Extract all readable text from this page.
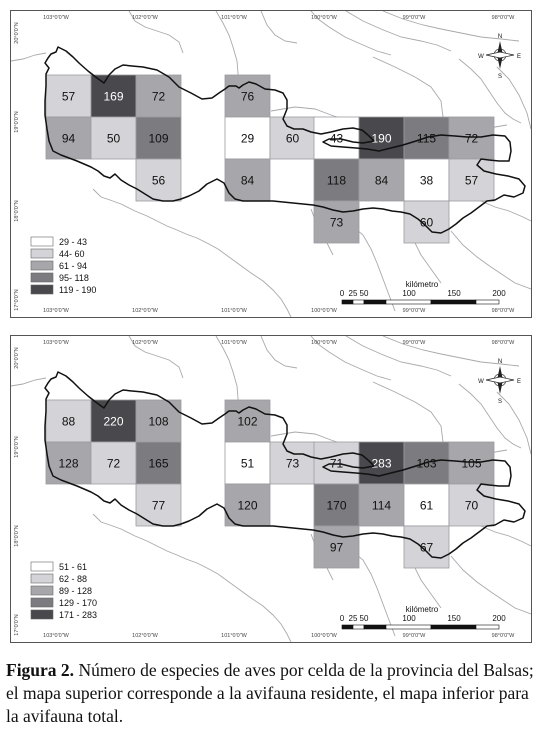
57 169 72	76
94	50 109	29	60	43 190 115 72
56	84	118 84	38	57
73	60
103°0'0"W
103°0'0"W
102°0'0"W
102°0'0"W
101°0'0"W
101°0'0"W
100°0'0"W
100°0'0"W
99°0'0"W
99°0'0"W
98°0'0"W
98°0'0"W
20°0'0"N
19°0'0"N
18°0'0"N
17°0'0"N
29 - 43
44- 60
61 - 94
95- 118
119 - 190	0 25 50	100	150	200
kilómetro
N
S
E
W
88 220 108	102
128 72 165	51	73	71 283 163 105
77	120	170 114 61	70
97	67
103°0'0"W
103°0'0"W
102°0'0"W
102°0'0"W
101°0'0"W
101°0'0"W
100°0'0"W
100°0'0"W
99°0'0"W
99°0'0"W
98°0'0"W
98°0'0"W
20°0'0"N
19°0'0"N
18°0'0"N
17°0'0"N
51 - 61
62 - 88
89 - 128
129 - 170
171 - 283	0 25 50	100	150	200
kilómetro
N
S
E
W
Figura 2. Número de especies de aves por celda de la provincia del Balsas; el mapa superior corresponde a la avifauna residente, el mapa inferior para la avifauna total.
